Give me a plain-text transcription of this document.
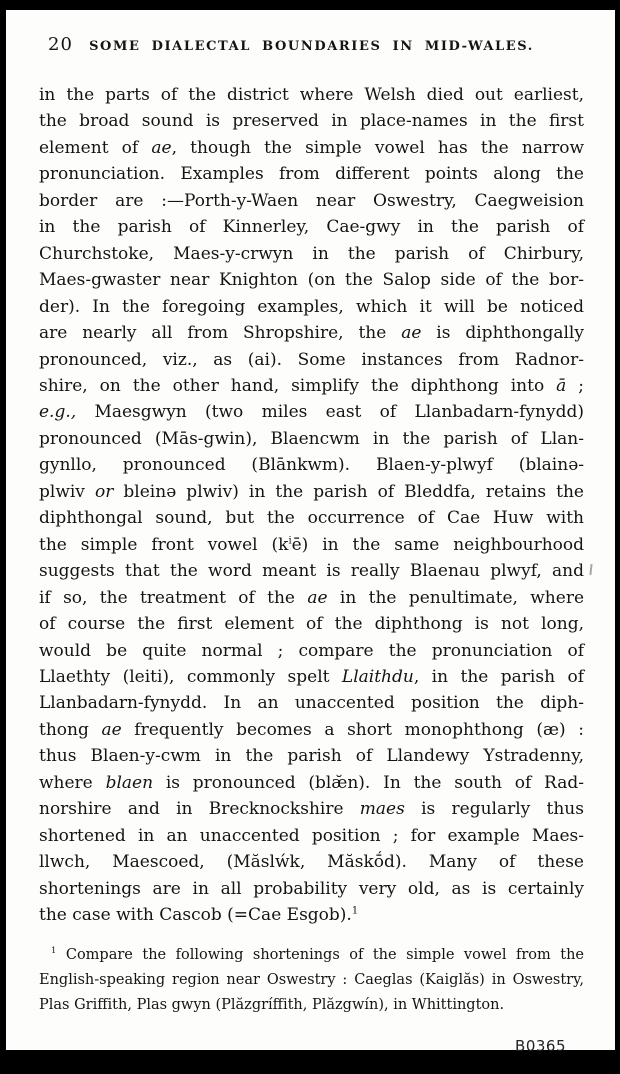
20	SOME DIALECTAL BOUNDARIES IN MID-WALES.
in the parts of the district where Welsh died out earliest,
the broad sound is preserved in place-names in the first
element of ae, though the simple vowel has the narrow
pronunciation. Examples from different points along the
border are :—Porth-y-Waen near Oswestry, Caegweision
in the parish of Kinnerley, Cae-gwy in the parish of
Churchstoke, Maes-y-crwyn in the parish of Chirbury,
Maes-gwaster near Knighton (on the Salop side of the bor-
der). In the foregoing examples, which it will be noticed
are nearly all from Shropshire, the ae is diphthongally
pronounced, viz., as (ai). Some instances from Radnor-
shire, on the other hand, simplify the diphthong into ā ;
e.g., Maesgwyn (two miles east of Llanbadarn-fynydd)
pronounced (Mās-gwin), Blaencwm in the parish of Llan-
gynllo, pronounced (Blānkwm). Blaen-y-plwyf (blainə-
plwiv or bleinə plwiv) in the parish of Bleddfa, retains the
diphthongal sound, but the occurrence of Cae Huw with
the simple front vowel $(k^iē)$ in the same neighbourhood
suggests that the word meant is really Blaenau plwyf, and
if so, the treatment of the ae in the penultimate, where
of course the first element of the diphthong is not long,
would be quite normal ; compare the pronunciation of
Llaethty (leiti), commonly spelt Llaithdu, in the parish of
Llanbadarn-fynydd. In an unaccented position the diph-
thong ae frequently becomes a short monophthong (æ) :
thus Blaen-y-cwm in the parish of Llandewy Ystradenny,
where blaen is pronounced (blæ̆n). In the south of Rad-
norshire and in Brecknockshire maes is regularly thus
shortened in an unaccented position ; for example Maes-
llwch, Maescoed, (Măslẃk, Măskṓd). Many of these
shortenings are in all probability very old, as is certainly
the case with Cascob (=Cae Esgob).$^1$
$^1$ Compare the following shortenings of the simple vowel from the
English-speaking region near Oswestry : Caeglas (Kaiglăs) in Oswestry,
Plas Griffith, Plas gwyn (Plăzgríffith, Plăzgwín), in Whittington.
B0365
